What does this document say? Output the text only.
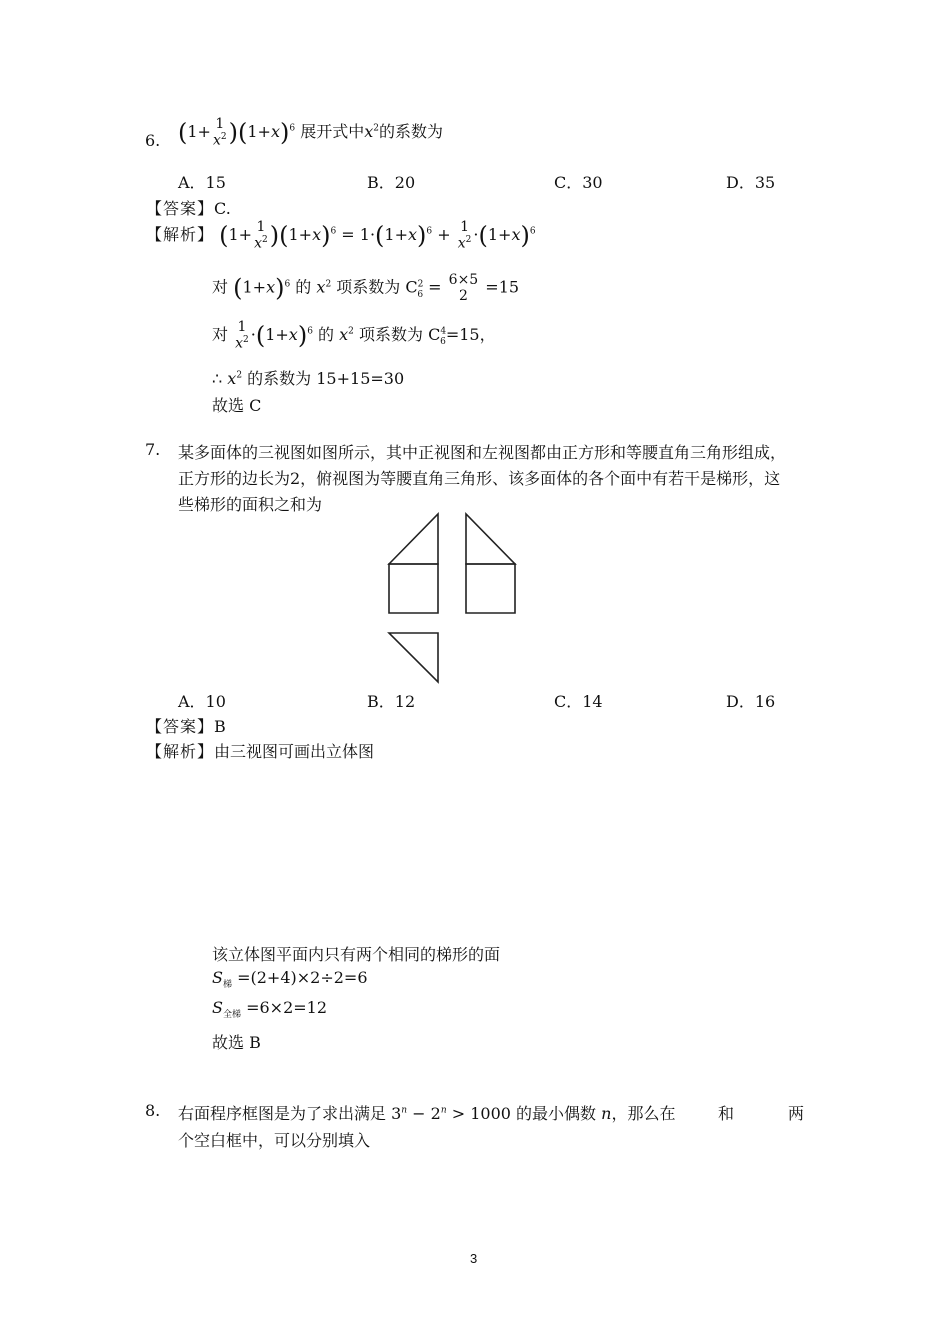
6. (1+ 1
$x^2$ )$(1+x)^6$ 展开式中$x^2$的系数为
A．15	B．20	C．30	D．35
【答案】C.
【解析】 (1+ 1
$x^2$ )$(1+x)^6 = 1\cdot(1+x)^6 + 1$
$x^2 \cdot(1+x)^6$
对 $(1+x)^6$ 的 $x^2$ 项系数为 $C^2_6 = 6\times 5$
2	=15
对 1
$x^2 \cdot(1+x)^6$ 的 $x^2$ 项系数为 $C^4_6=15$，
∴ $x^2$ 的系数为 15+15=30
故选 C
7. 某多面体的三视图如图所示，其中正视图和左视图都由正方形和等腰直角三角形组成，
正方形的边长为2，俯视图为等腰直角三角形、该多面体的各个面中有若干是梯形，这
些梯形的面积之和为
A．10	B．12	C．14	D．16
【答案】B
【解析】由三视图可画出立体图
该立体图平面内只有两个相同的梯形的面
$S_梯 =(2+4)\times 2\div 2=6$
$S_{全梯} =6\times 2=12$
故选 B
8. 右面程序框图是为了求出满足 $3^n - 2^n > 1000$ 的最小偶数 n，那么在	和	两
个空白框中，可以分别填入
3
